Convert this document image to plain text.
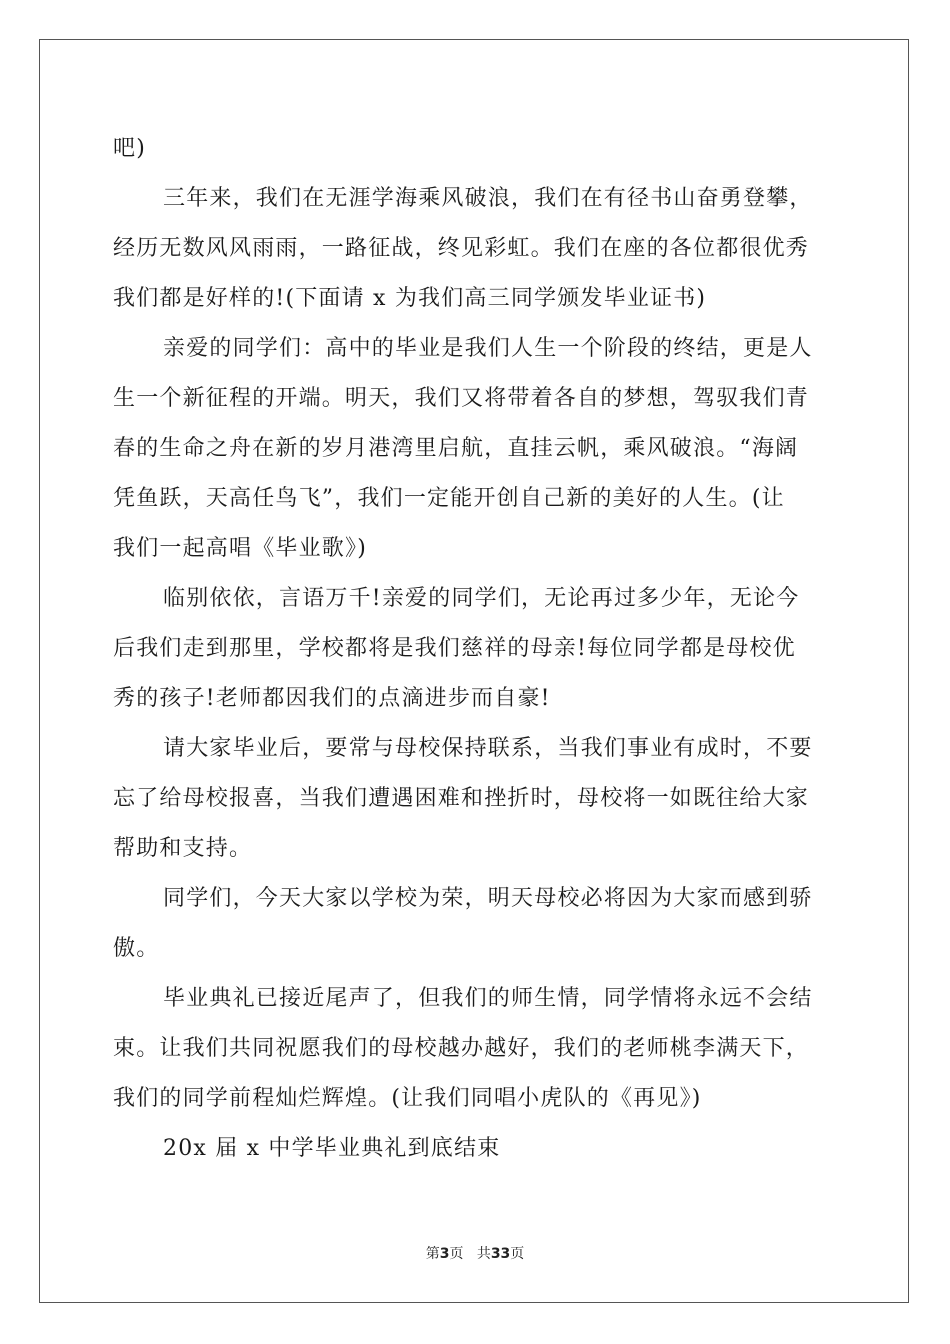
吧)
三年来，我们在无涯学海乘风破浪，我们在有径书山奋勇登攀，
经历无数风风雨雨，一路征战，终见彩虹。我们在座的各位都很优秀
我们都是好样的!(下面请 x 为我们高三同学颁发毕业证书)
亲爱的同学们：高中的毕业是我们人生一个阶段的终结，更是人
生一个新征程的开端。明天，我们又将带着各自的梦想，驾驭我们青
春的生命之舟在新的岁月港湾里启航，直挂云帆，乘风破浪。“海阔
凭鱼跃，天高任鸟飞”，我们一定能开创自己新的美好的人生。(让
我们一起高唱《毕业歌》)
临别依依，言语万千!亲爱的同学们，无论再过多少年，无论今
后我们走到那里，学校都将是我们慈祥的母亲!每位同学都是母校优
秀的孩子!老师都因我们的点滴进步而自豪!
请大家毕业后，要常与母校保持联系，当我们事业有成时，不要
忘了给母校报喜，当我们遭遇困难和挫折时，母校将一如既往给大家
帮助和支持。
同学们，今天大家以学校为荣，明天母校必将因为大家而感到骄
傲。
毕业典礼已接近尾声了，但我们的师生情，同学情将永远不会结
束。让我们共同祝愿我们的母校越办越好，我们的老师桃李满天下，
我们的同学前程灿烂辉煌。(让我们同唱小虎队的《再见》)
20x 届 x 中学毕业典礼到底结束
第3页 共33页
